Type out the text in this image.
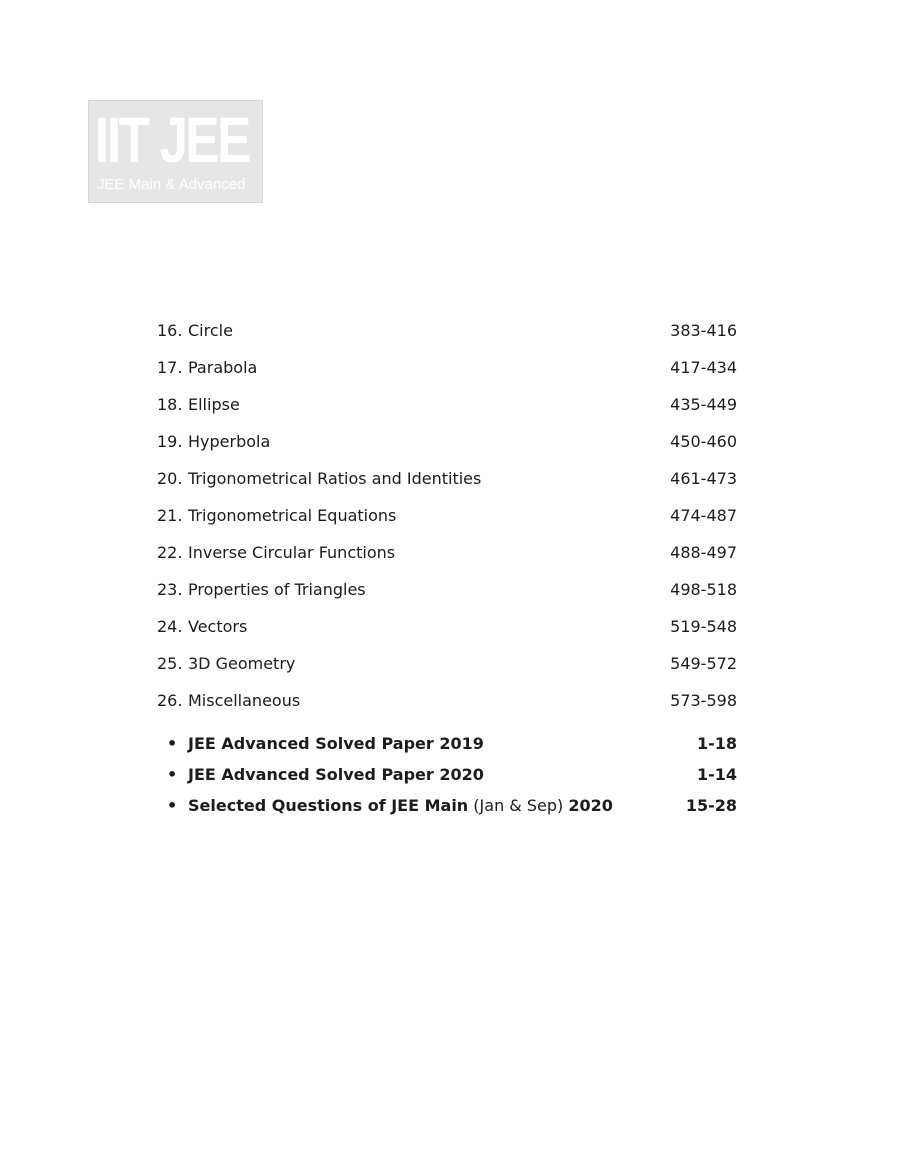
IIT JEE
JEE Main & Advanced
16. Circle	383-416
17. Parabola	417-434
18. Ellipse	435-449
19. Hyperbola	450-460
20. Trigonometrical Ratios and Identities	461-473
21. Trigonometrical Equations	474-487
22. Inverse Circular Functions	488-497
23. Properties of Triangles	498-518
24. Vectors	519-548
25. 3D Geometry	549-572
26. Miscellaneous	573-598
• JEE Advanced Solved Paper 2019	1-18
• JEE Advanced Solved Paper 2020	1-14
• Selected Questions of JEE Main (Jan & Sep) 2020	15-28
